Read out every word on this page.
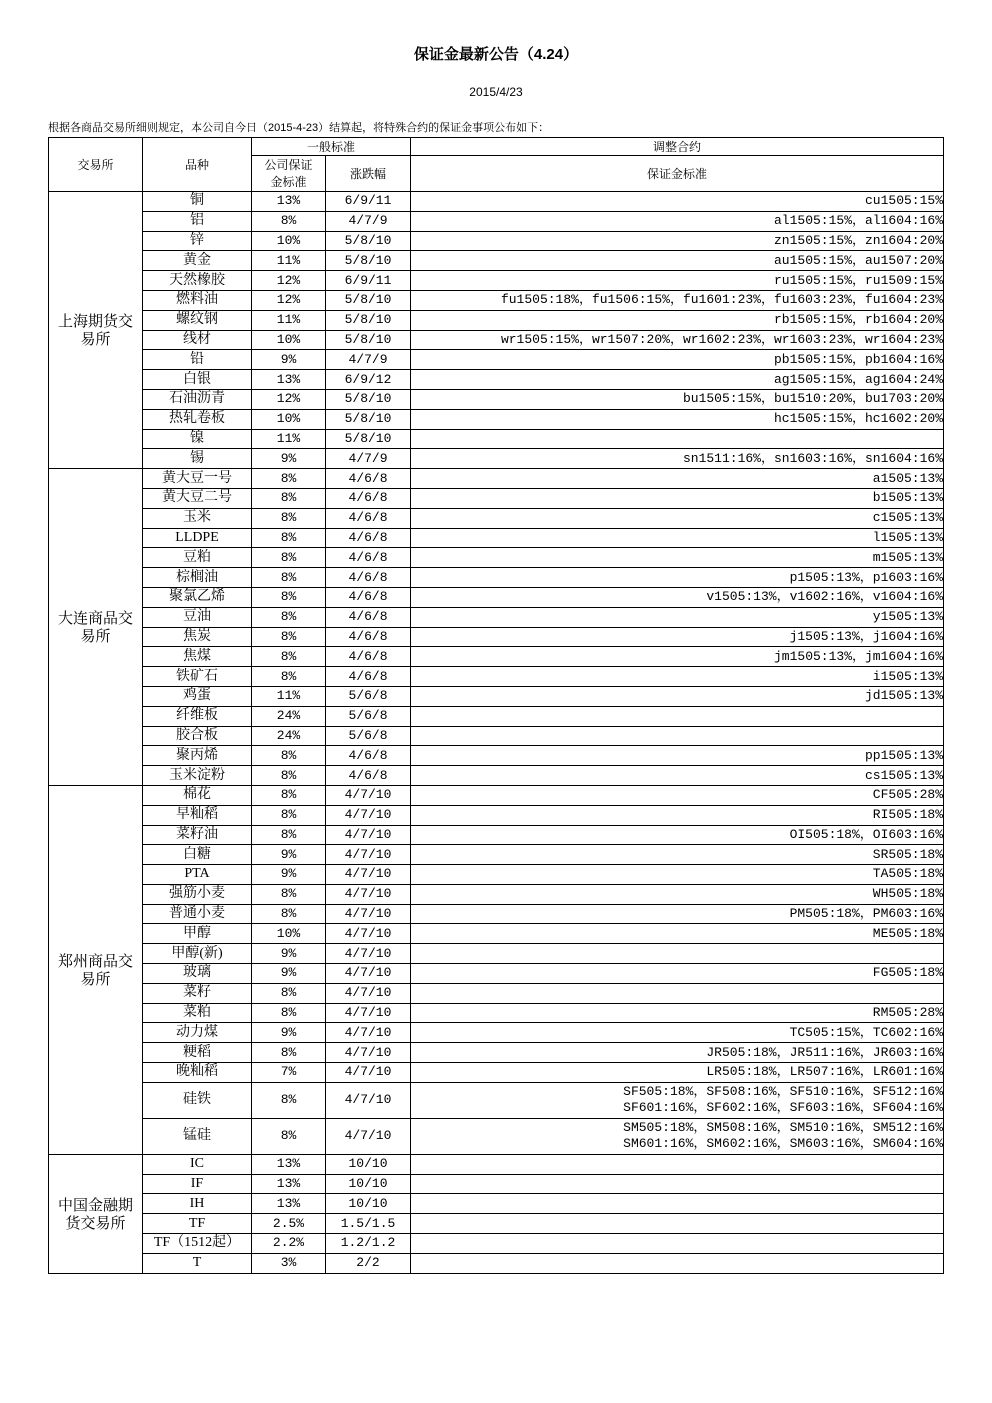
保证金最新公告（4.24）
2015/4/23
根据各商品交易所细则规定，本公司自今日（2015-4-23）结算起，将特殊合约的保证金事项公布如下：
交易所	品种	一般标准		调整合约
		公司保证金标准	涨跌幅	保证金标准
上海期货交易所	铜	13%	6/9/11	cu1505:15%
	铝	8%	4/7/9	al1505:15%，al1604:16%
	锌	10%	5/8/10	zn1505:15%，zn1604:20%
	黄金	11%	5/8/10	au1505:15%，au1507:20%
	天然橡胶	12%	6/9/11	ru1505:15%，ru1509:15%
	燃料油	12%	5/8/10	fu1505:18%，fu1506:15%，fu1601:23%，fu1603:23%，fu1604:23%
	螺纹钢	11%	5/8/10	rb1505:15%，rb1604:20%
	线材	10%	5/8/10	wr1505:15%，wr1507:20%，wr1602:23%，wr1603:23%，wr1604:23%
	铅	9%	4/7/9	pb1505:15%，pb1604:16%
	白银	13%	6/9/12	ag1505:15%，ag1604:24%
	石油沥青	12%	5/8/10	bu1505:15%，bu1510:20%，bu1703:20%
	热轧卷板	10%	5/8/10	hc1505:15%，hc1602:20%
	镍	11%	5/8/10	
	锡	9%	4/7/9	sn1511:16%，sn1603:16%，sn1604:16%
大连商品交易所	黄大豆一号	8%	4/6/8	a1505:13%
	黄大豆二号	8%	4/6/8	b1505:13%
	玉米	8%	4/6/8	c1505:13%
	LLDPE	8%	4/6/8	l1505:13%
	豆粕	8%	4/6/8	m1505:13%
	棕榈油	8%	4/6/8	p1505:13%，p1603:16%
	聚氯乙烯	8%	4/6/8	v1505:13%，v1602:16%，v1604:16%
	豆油	8%	4/6/8	y1505:13%
	焦炭	8%	4/6/8	j1505:13%，j1604:16%
	焦煤	8%	4/6/8	jm1505:13%，jm1604:16%
	铁矿石	8%	4/6/8	i1505:13%
	鸡蛋	11%	5/6/8	jd1505:13%
	纤维板	24%	5/6/8	
	胶合板	24%	5/6/8	
	聚丙烯	8%	4/6/8	pp1505:13%
	玉米淀粉	8%	4/6/8	cs1505:13%
郑州商品交易所	棉花	8%	4/7/10	CF505:28%
	早籼稻	8%	4/7/10	RI505:18%
	菜籽油	8%	4/7/10	OI505:18%，OI603:16%
	白糖	9%	4/7/10	SR505:18%
	PTA	9%	4/7/10	TA505:18%
	强筋小麦	8%	4/7/10	WH505:18%
	普通小麦	8%	4/7/10	PM505:18%，PM603:16%
	甲醇	10%	4/7/10	ME505:18%
	甲醇(新)	9%	4/7/10	
	玻璃	9%	4/7/10	FG505:18%
	菜籽	8%	4/7/10	
	菜粕	8%	4/7/10	RM505:28%
	动力煤	9%	4/7/10	TC505:15%，TC602:16%
	粳稻	8%	4/7/10	JR505:18%，JR511:16%，JR603:16%
	晚籼稻	7%	4/7/10	LR505:18%，LR507:16%，LR601:16%
	硅铁	8%	4/7/10	SF505:18%，SF508:16%，SF510:16%，SF512:16%
SF601:16%，SF602:16%，SF603:16%，SF604:16%
	锰硅	8%	4/7/10	SM505:18%，SM508:16%，SM510:16%，SM512:16%
SM601:16%，SM602:16%，SM603:16%，SM604:16%
中国金融期货交易所	IC	13%	10/10	
	IF	13%	10/10	
	IH	13%	10/10	
	TF	2.5%	1.5/1.5	
	TF（1512起）	2.2%	1.2/1.2	
	T	3%	2/2	
